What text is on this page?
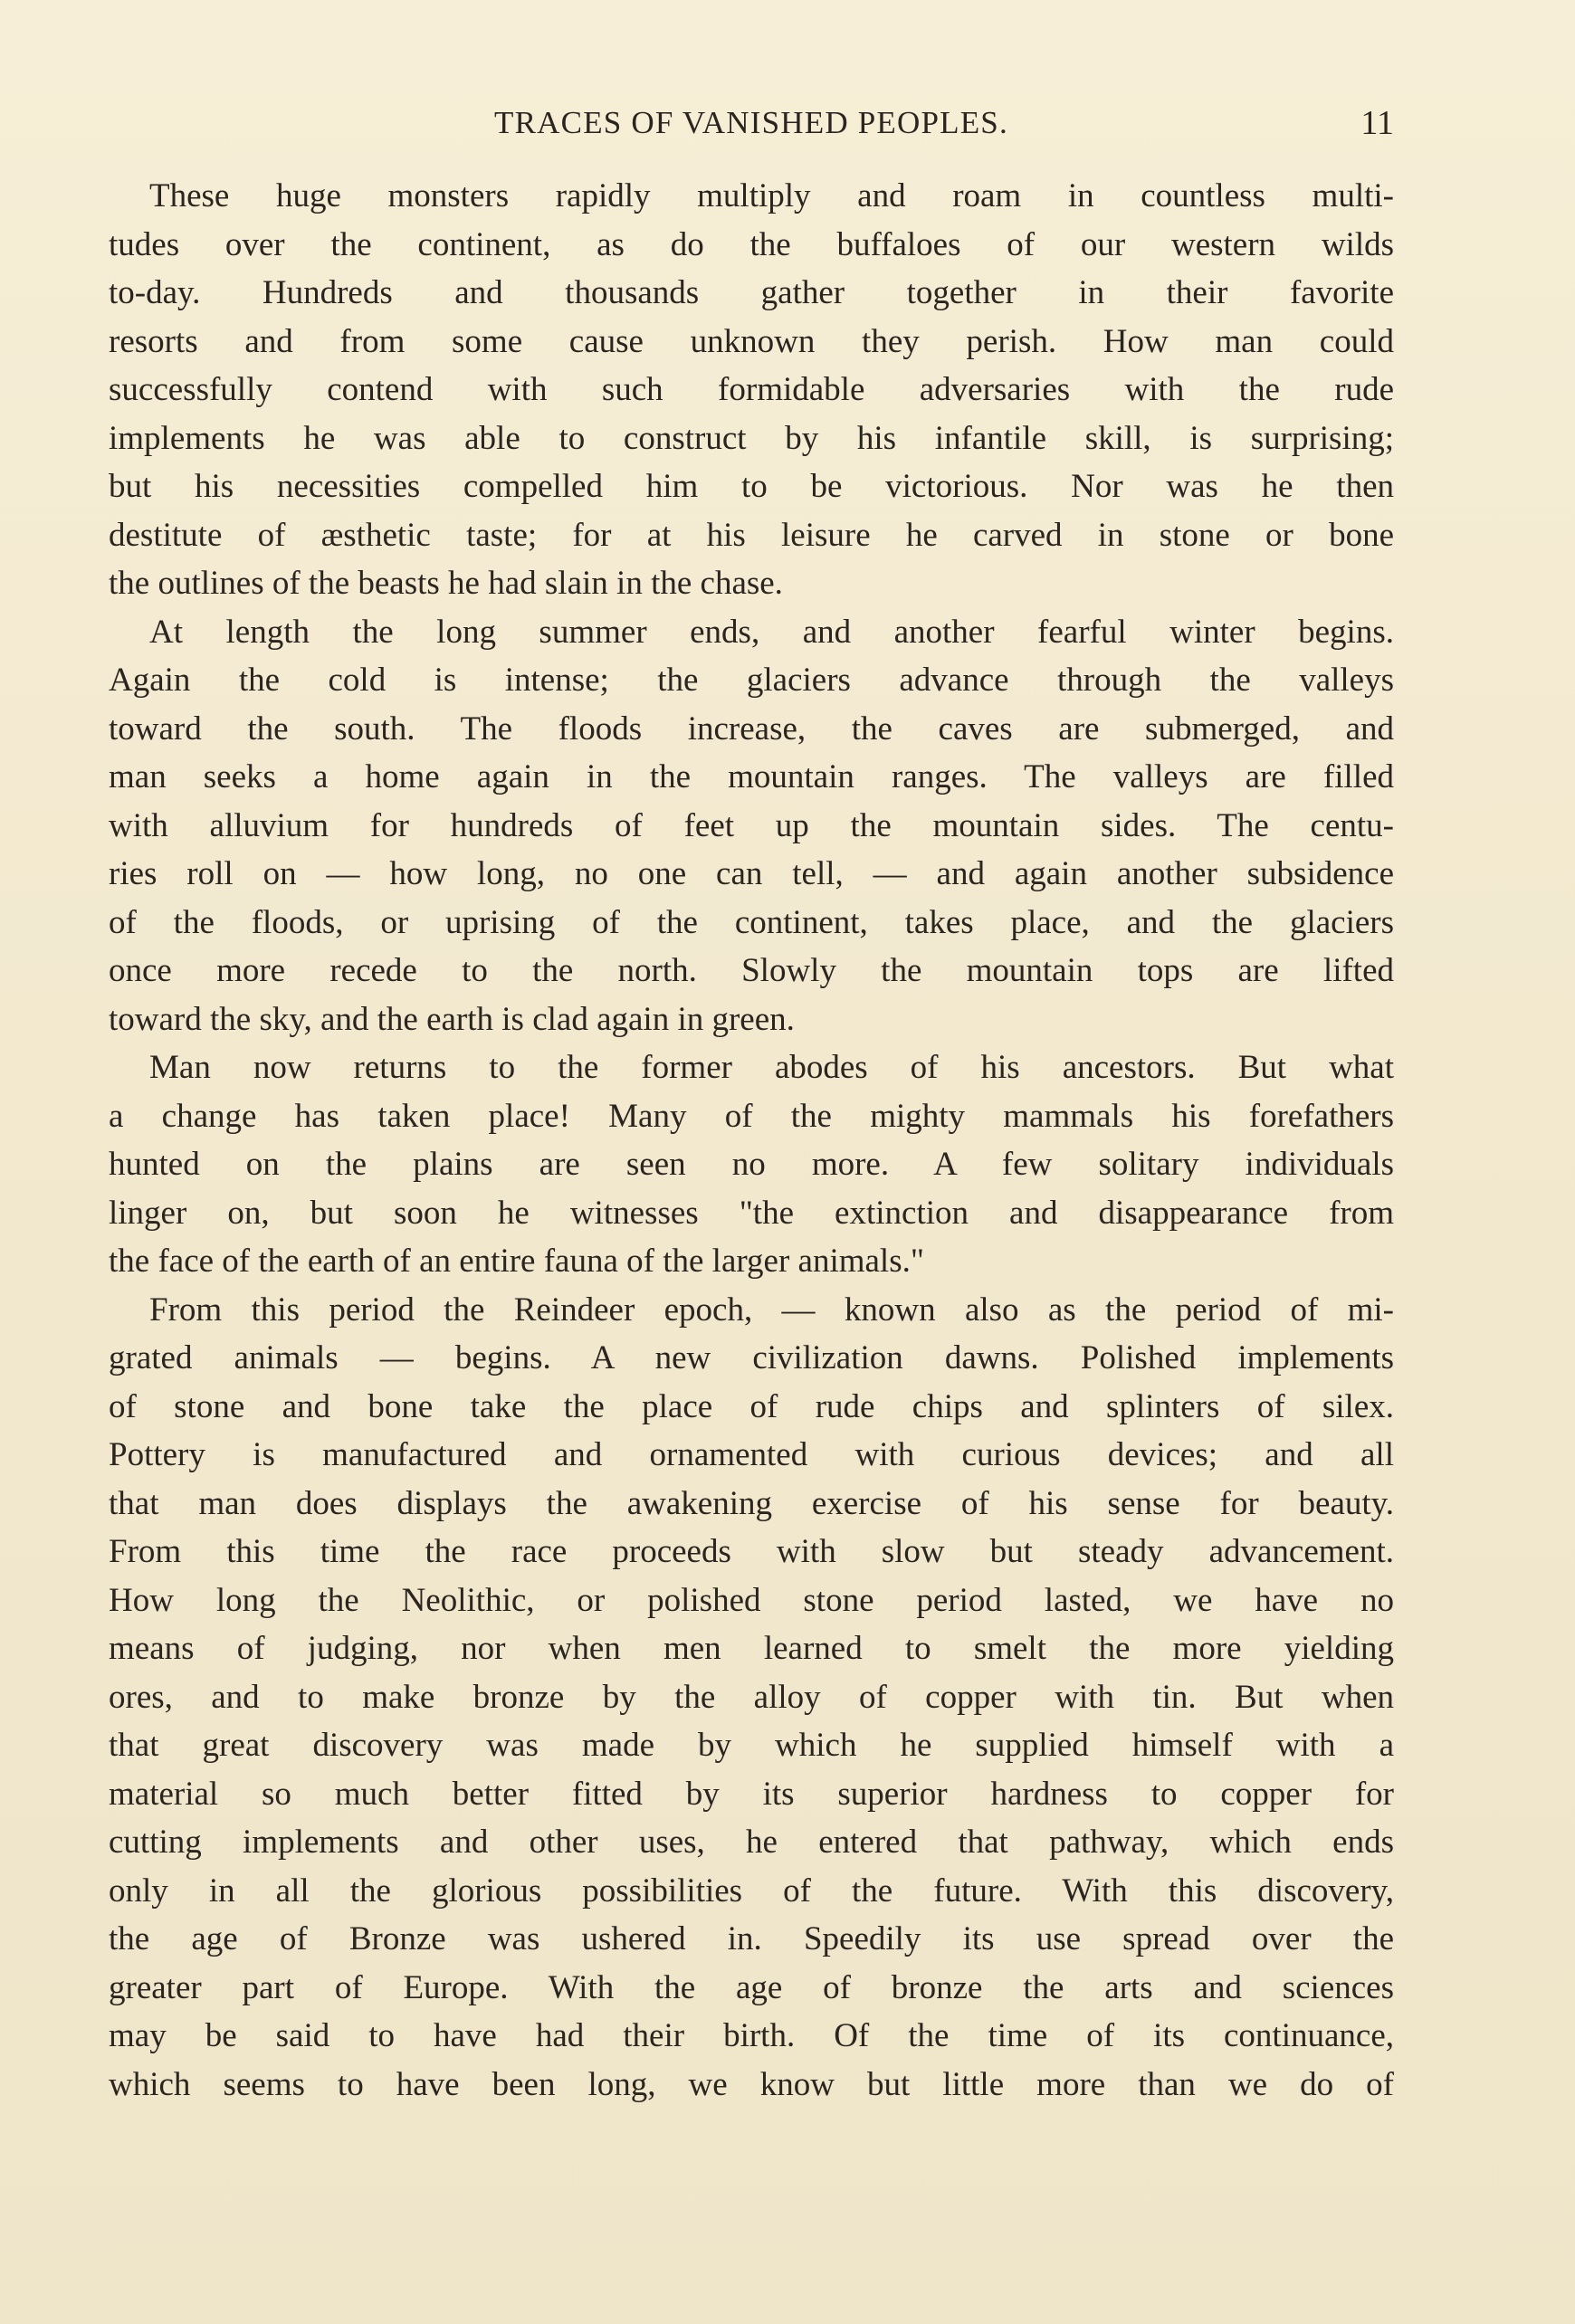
TRACES OF VANISHED PEOPLES.	11
These huge monsters rapidly multiply and roam in countless multi-
tudes over the continent, as do the buffaloes of our western wilds
to-day. Hundreds and thousands gather together in their favorite
resorts and from some cause unknown they perish. How man could
successfully contend with such formidable adversaries with the rude
implements he was able to construct by his infantile skill, is surprising;
but his necessities compelled him to be victorious. Nor was he then
destitute of æsthetic taste; for at his leisure he carved in stone or bone
the outlines of the beasts he had slain in the chase.
At length the long summer ends, and another fearful winter begins.
Again the cold is intense; the glaciers advance through the valleys
toward the south. The floods increase, the caves are submerged, and
man seeks a home again in the mountain ranges. The valleys are filled
with alluvium for hundreds of feet up the mountain sides. The centu-
ries roll on — how long, no one can tell, — and again another subsidence
of the floods, or uprising of the continent, takes place, and the glaciers
once more recede to the north. Slowly the mountain tops are lifted
toward the sky, and the earth is clad again in green.
Man now returns to the former abodes of his ancestors. But what
a change has taken place! Many of the mighty mammals his forefathers
hunted on the plains are seen no more. A few solitary individuals
linger on, but soon he witnesses "the extinction and disappearance from
the face of the earth of an entire fauna of the larger animals."
From this period the Reindeer epoch, — known also as the period of mi-
grated animals — begins. A new civilization dawns. Polished implements
of stone and bone take the place of rude chips and splinters of silex.
Pottery is manufactured and ornamented with curious devices; and all
that man does displays the awakening exercise of his sense for beauty.
From this time the race proceeds with slow but steady advancement.
How long the Neolithic, or polished stone period lasted, we have no
means of judging, nor when men learned to smelt the more yielding
ores, and to make bronze by the alloy of copper with tin. But when
that great discovery was made by which he supplied himself with a
material so much better fitted by its superior hardness to copper for
cutting implements and other uses, he entered that pathway, which ends
only in all the glorious possibilities of the future. With this discovery,
the age of Bronze was ushered in. Speedily its use spread over the
greater part of Europe. With the age of bronze the arts and sciences
may be said to have had their birth. Of the time of its continuance,
which seems to have been long, we know but little more than we do of
